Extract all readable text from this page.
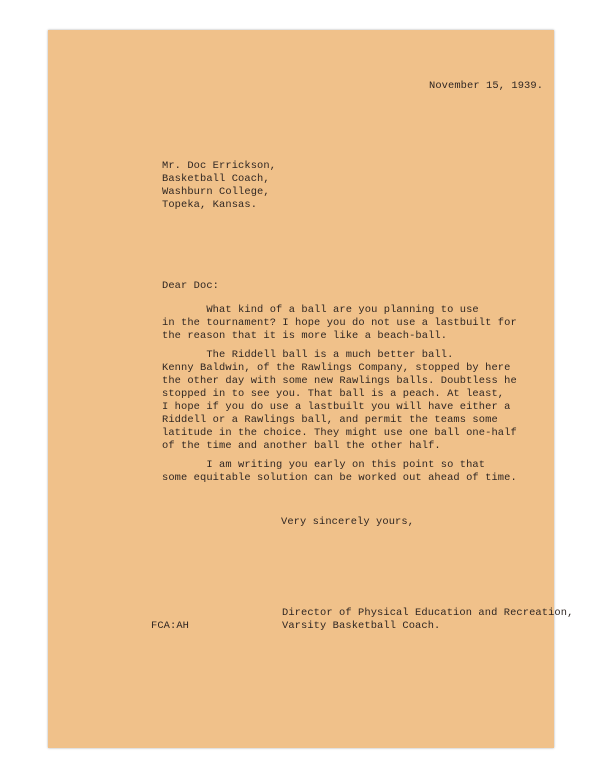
November 15, 1939.
Mr. Doc Errickson,
Basketball Coach,
Washburn College,
Topeka, Kansas.
Dear Doc:
What kind of a ball are you planning to use
in the tournament? I hope you do not use a lastbuilt for
the reason that it is more like a beach-ball.
The Riddell ball is a much better ball.
Kenny Baldwin, of the Rawlings Company, stopped by here
the other day with some new Rawlings balls. Doubtless he
stopped in to see you. That ball is a peach. At least,
I hope if you do use a lastbuilt you will have either a
Riddell or a Rawlings ball, and permit the teams some
latitude in the choice. They might use one ball one-half
of the time and another ball the other half.
I am writing you early on this point so that
some equitable solution can be worked out ahead of time.
Very sincerely yours,
Director of Physical Education and Recreation,
Varsity Basketball Coach.
FCA:AH
